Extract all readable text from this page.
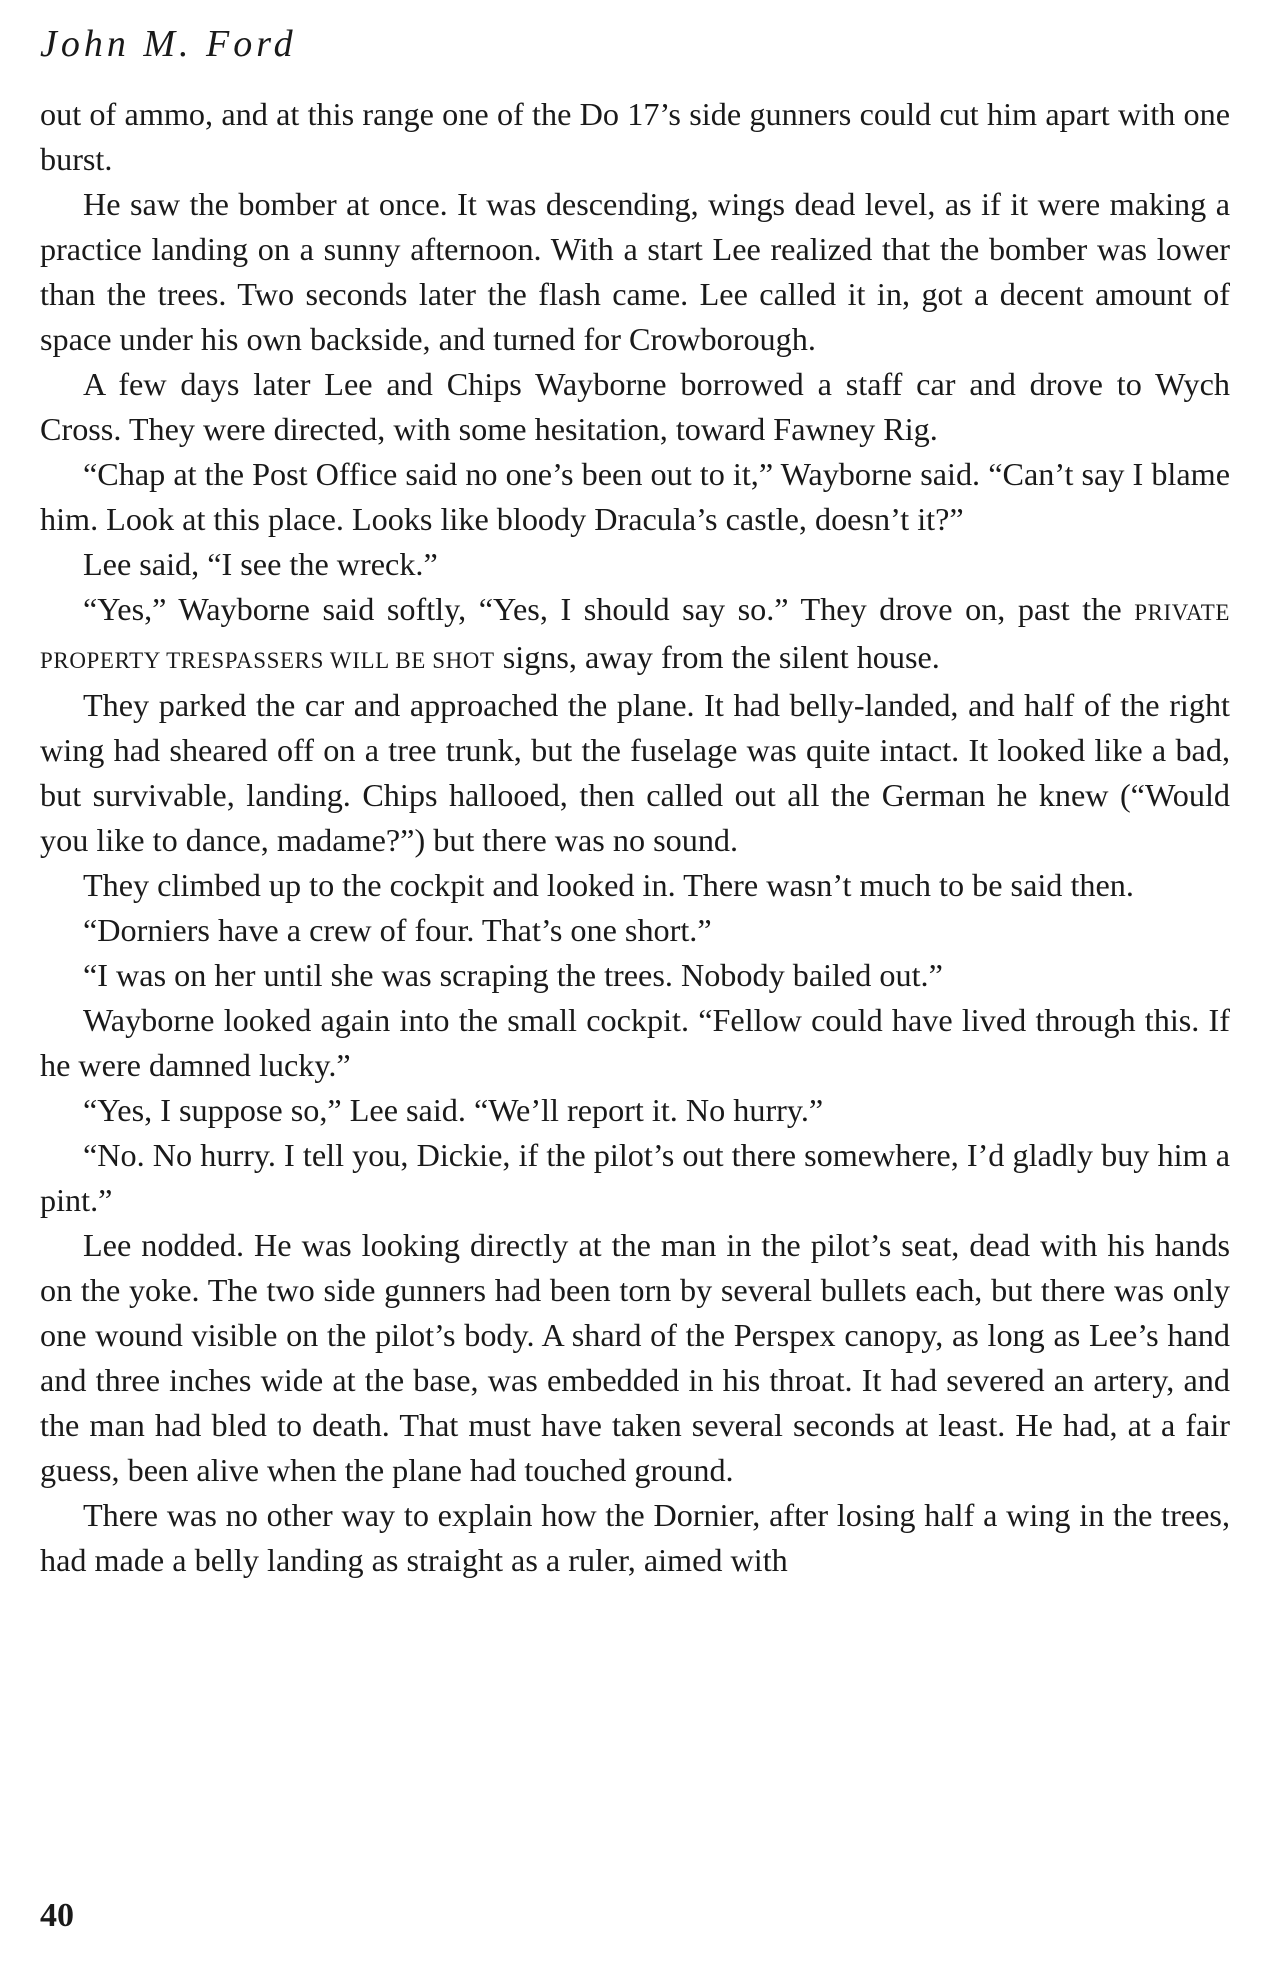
John M. Ford

out of ammo, and at this range one of the Do 17’s side gunners could cut him apart with one burst.

He saw the bomber at once. It was descending, wings dead level, as if it were making a practice landing on a sunny afternoon. With a start Lee realized that the bomber was lower than the trees. Two seconds later the flash came. Lee called it in, got a decent amount of space under his own backside, and turned for Crowborough.

A few days later Lee and Chips Wayborne borrowed a staff car and drove to Wych Cross. They were directed, with some hesitation, toward Fawney Rig.

“Chap at the Post Office said no one’s been out to it,” Wayborne said. “Can’t say I blame him. Look at this place. Looks like bloody Dracula’s castle, doesn’t it?”

Lee said, “I see the wreck.”

“Yes,” Wayborne said softly, “Yes, I should say so.” They drove on, past the PRIVATE PROPERTY TRESPASSERS WILL BE SHOT signs, away from the silent house.

They parked the car and approached the plane. It had belly-landed, and half of the right wing had sheared off on a tree trunk, but the fuselage was quite intact. It looked like a bad, but survivable, landing. Chips hallooed, then called out all the German he knew (“Would you like to dance, madame?”) but there was no sound.

They climbed up to the cockpit and looked in. There wasn’t much to be said then.

“Dorniers have a crew of four. That’s one short.”

“I was on her until she was scraping the trees. Nobody bailed out.”

Wayborne looked again into the small cockpit. “Fellow could have lived through this. If he were damned lucky.”

“Yes, I suppose so,” Lee said. “We’ll report it. No hurry.”

“No. No hurry. I tell you, Dickie, if the pilot’s out there somewhere, I’d gladly buy him a pint.”

Lee nodded. He was looking directly at the man in the pilot’s seat, dead with his hands on the yoke. The two side gunners had been torn by several bullets each, but there was only one wound visible on the pilot’s body. A shard of the Perspex canopy, as long as Lee’s hand and three inches wide at the base, was embedded in his throat. It had severed an artery, and the man had bled to death. That must have taken several seconds at least. He had, at a fair guess, been alive when the plane had touched ground.

There was no other way to explain how the Dornier, after losing half a wing in the trees, had made a belly landing as straight as a ruler, aimed with

40
